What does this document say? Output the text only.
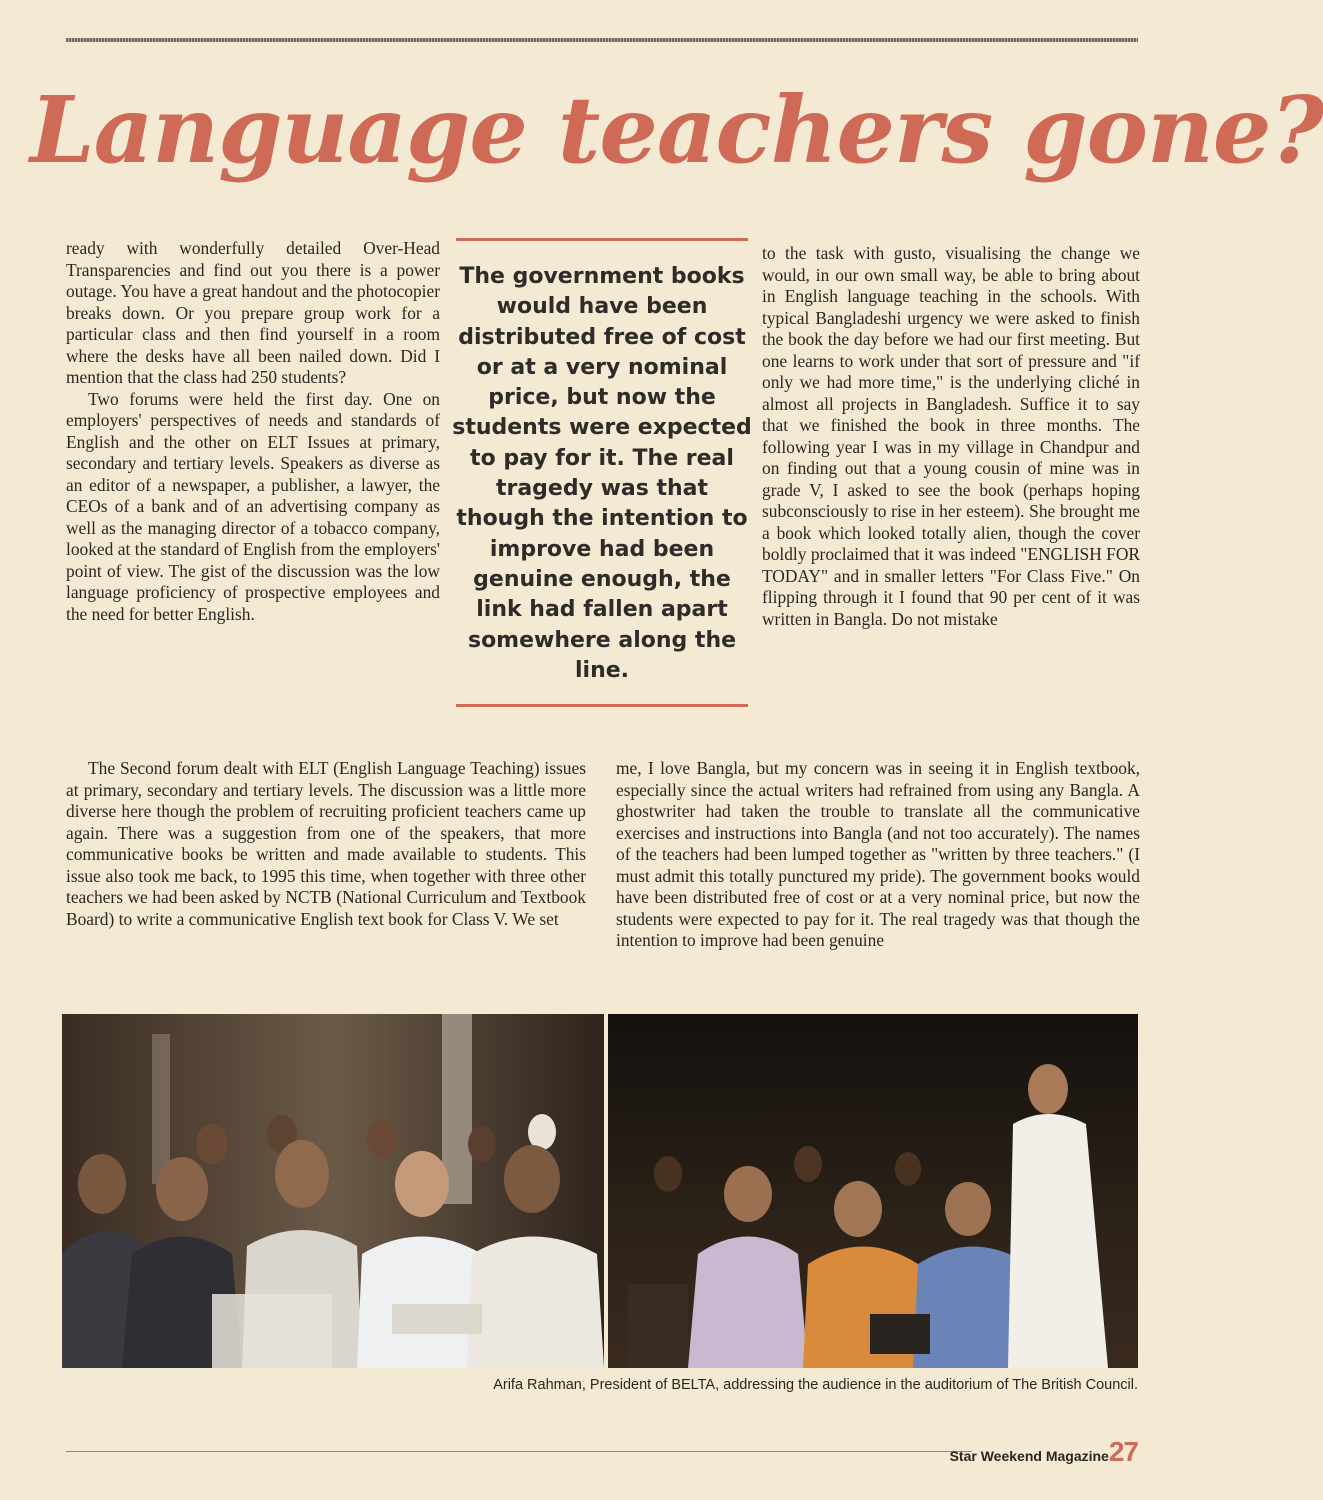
Language teachers gone?

ready with wonderfully detailed Over-Head Transparencies and find out you there is a power outage. You have a great handout and the photocopier breaks down. Or you prepare group work for a particular class and then find yourself in a room where the desks have all been nailed down. Did I mention that the class had 250 students?

Two forums were held the first day. One on employers' perspectives of needs and standards of English and the other on ELT Issues at primary, secondary and tertiary levels. Speakers as diverse as an editor of a newspaper, a publisher, a lawyer, the CEOs of a bank and of an advertising company as well as the managing director of a tobacco company, looked at the standard of English from the employers' point of view. The gist of the discussion was the low language proficiency of prospective employees and the need for better English.

The government books would have been distributed free of cost or at a very nominal price, but now the students were expected to pay for it. The real tragedy was that though the intention to improve had been genuine enough, the link had fallen apart somewhere along the line.

to the task with gusto, visualising the change we would, in our own small way, be able to bring about in English language teaching in the schools. With typical Bangladeshi urgency we were asked to finish the book the day before we had our first meeting. But one learns to work under that sort of pressure and "if only we had more time," is the underlying cliché in almost all projects in Bangladesh. Suffice it to say that we finished the book in three months. The following year I was in my village in Chandpur and on finding out that a young cousin of mine was in grade V, I asked to see the book (perhaps hoping subconsciously to rise in her esteem). She brought me a book which looked totally alien, though the cover boldly proclaimed that it was indeed "ENGLISH FOR TODAY" and in smaller letters "For Class Five." On flipping through it I found that 90 per cent of it was written in Bangla. Do not mistake

The Second forum dealt with ELT (English Language Teaching) issues at primary, secondary and tertiary levels. The discussion was a little more diverse here though the problem of recruiting proficient teachers came up again. There was a suggestion from one of the speakers, that more communicative books be written and made available to students. This issue also took me back, to 1995 this time, when together with three other teachers we had been asked by NCTB (National Curriculum and Textbook Board) to write a communicative English text book for Class V. We set

me, I love Bangla, but my concern was in seeing it in English textbook, especially since the actual writers had refrained from using any Bangla. A ghostwriter had taken the trouble to translate all the communicative exercises and instructions into Bangla (and not too accurately). The names of the teachers had been lumped together as "written by three teachers." (I must admit this totally punctured my pride). The government books would have been distributed free of cost or at a very nominal price, but now the students were expected to pay for it. The real tragedy was that though the intention to improve had been genuine

Arifa Rahman, President of BELTA, addressing the audience in the auditorium of The British Council.

Star Weekend Magazine27
